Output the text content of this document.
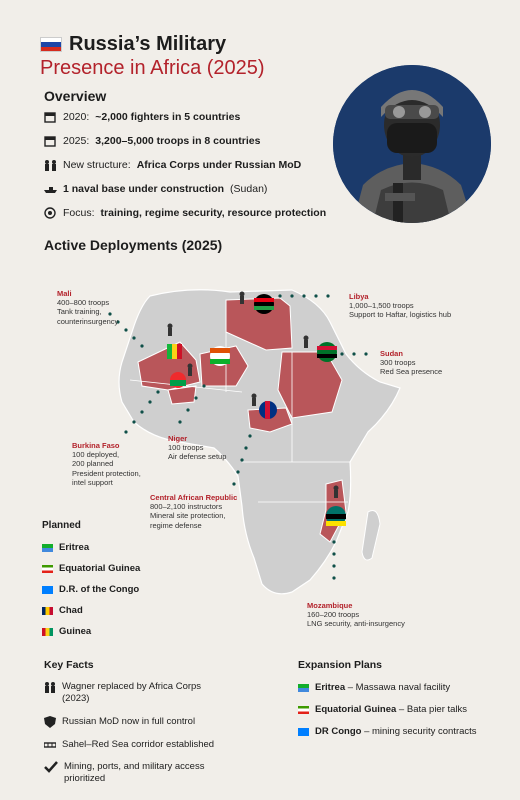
Russia’s Military
Presence in Africa (2025)
Overview
2020: ~2,000 fighters in 5 countries
2025: 3,200–5,000 troops in 8 countries
New structure: Africa Corps under Russian MoD
1 naval base under construction (Sudan)
Focus: training, regime security, resource protection
Active Deployments (2025)
Mali
400–800 troops
Tank training,
counterinsurgency
Libya
1,000–1,500 troops
Support to Haftar, logistics hub
Sudan
300 troops
Red Sea presence
Burkina Faso
100 deployed,
200 planned
President protection,
intel support
Niger
100 troops
Air defense setup
Central African Republic
800–2,100 instructors
Mineral site protection,
regime defense
Mozambique
160–200 troops
LNG security, anti-insurgency
Planned
Eritrea
Equatorial Guinea
D.R. of the Congo
Chad
Guinea
Key Facts
Wagner replaced by Africa Corps (2023)
Russian MoD now in full control
Sahel–Red Sea corridor established
Mining, ports, and military access prioritized
Expansion Plans
Eritrea – Massawa naval facility
Equatorial Guinea – Bata pier talks
DR Congo – mining security contracts
